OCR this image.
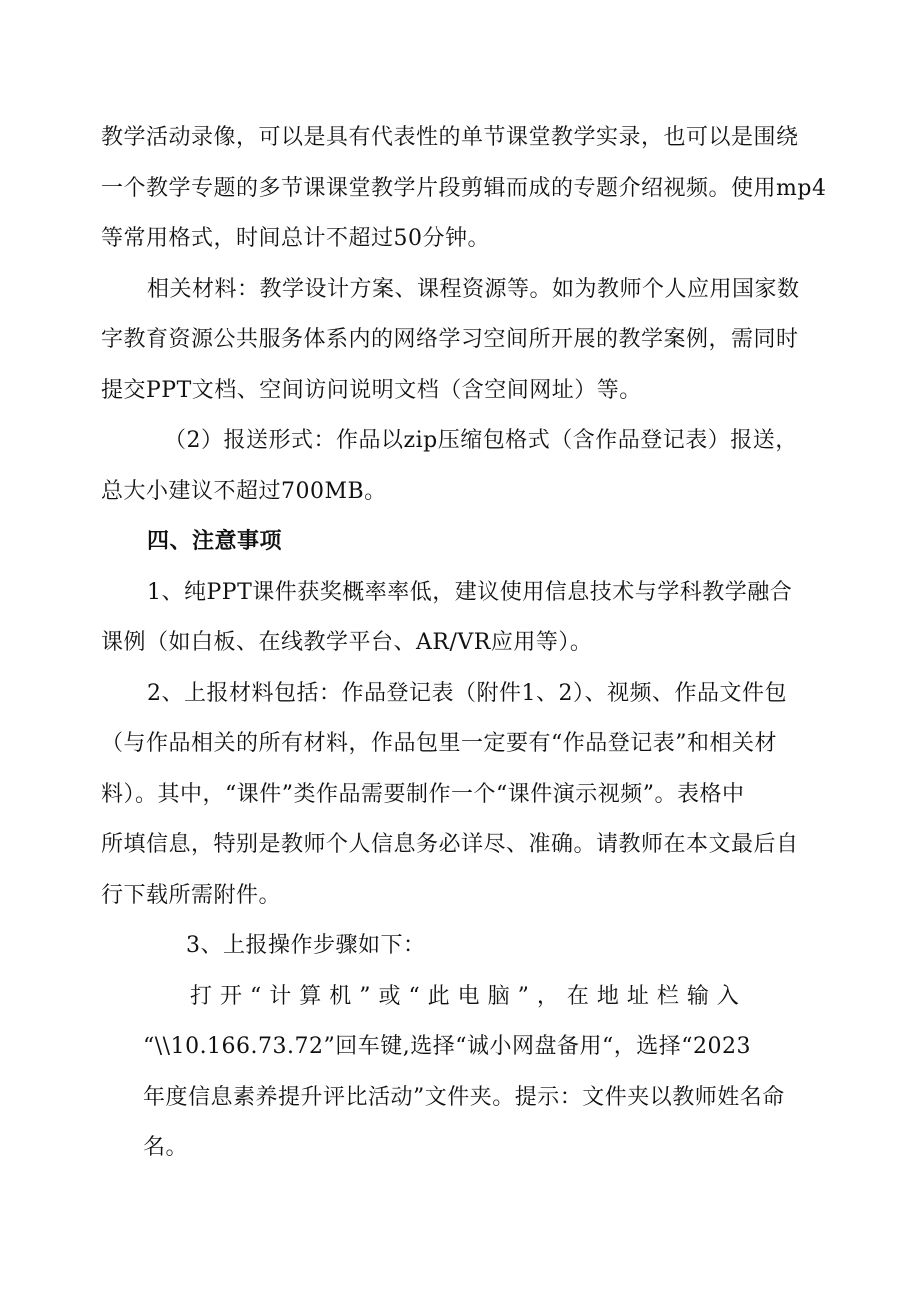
教学活动录像，可以是具有代表性的单节课堂教学实录，也可以是围绕
一个教学专题的多节课课堂教学片段剪辑而成的专题介绍视频。使用mp4
等常用格式，时间总计不超过50分钟。
相关材料：教学设计方案、课程资源等。如为教师个人应用国家数
字教育资源公共服务体系内的网络学习空间所开展的教学案例，需同时
提交PPT文档、空间访问说明文档（含空间网址）等。
（2）报送形式：作品以zip压缩包格式（含作品登记表）报送，
总大小建议不超过700MB。
四、注意事项
1、纯PPT课件获奖概率率低，建议使用信息技术与学科教学融合
课例（如白板、在线教学平台、AR/VR应用等）。
2、上报材料包括：作品登记表（附件1、2）、视频、作品文件包
（与作品相关的所有材料，作品包里一定要有“作品登记表”和相关材
料）。其中，“课件”类作品需要制作一个“课件演示视频”。表格中
所填信息，特别是教师个人信息务必详尽、准确。请教师在本文最后自
行下载所需附件。
3、上报操作步骤如下：
打 开 “ 计 算 机 ” 或 “ 此 电 脑 ” ， 在 地 址 栏 输 入
“\\10.166.73.72”回车键,选择“诚小网盘备用“，选择“2023
年度信息素养提升评比活动”文件夹。提示：文件夹以教师姓名命
名。
